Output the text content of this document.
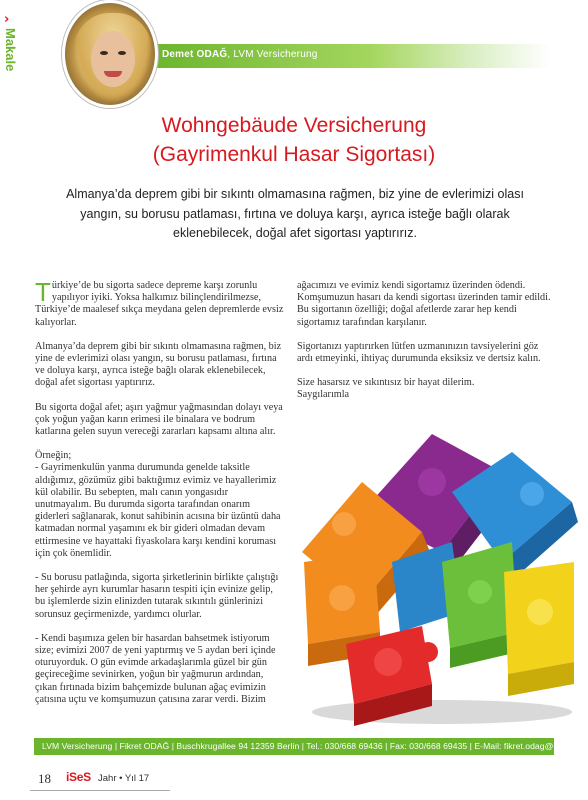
›
Makale	Demet ODAĞ, LVM Versicherung
Wohngebäude Versicherung
(Gayrimenkul Hasar Sigortası)
Almanya’da deprem gibi bir sıkıntı olmamasına rağmen, biz yine de evlerimizi olası yangın, su borusu patlaması, fırtına ve doluya karşı, ayrıca isteğe bağlı olarak eklenebilecek, doğal afet sigortası yaptırırız.

Türkiye’de bu sigorta sadece depreme karşı zorunlu yapılıyor iyiki. Yoksa halkımız bilinçlendirilmezse, Türkiye’de maalesef sıkça meydana gelen depremlerde evsiz kalıyorlar.

Almanya’da deprem gibi bir sıkıntı olmamasına rağmen, biz yine de evlerimizi olası yangın, su borusu patlaması, fırtına ve doluya karşı, ayrıca isteğe bağlı olarak eklenebilecek, doğal afet sigortası yaptırırız.

Bu sigorta doğal afet; aşırı yağmur yağmasından dolayı veya çok yoğun yağan karın erimesi ile binalara ve bodrum katlarına gelen suyun vereceği zararları kapsamı altına alır.

Örneğin;

- Gayrimenkulün yanma durumunda genelde taksitle aldığımız, gözümüz gibi baktığımız evimiz ve hayallerimiz kül olabilir. Bu sebepten, malı canın yongasıdır unutmayalım. Bu durumda sigorta tarafından onarım giderleri sağlanarak, konut sahibinin acısına bir üzüntü daha katmadan normal yaşamını ek bir gideri olmadan devam ettirmesine ve hayattaki fiyaskolara karşı kendini koruması için çok önemlidir.

- Su borusu patlağında, sigorta şirketlerinin birlikte çalıştığı her şehirde ayrı kurumlar hasarın tespiti için evinize gelip, bu işlemlerde sizin elinizden tutarak sıkıntılı günlerinizi sorunsuz geçirmenizde, yardımcı olurlar.

- Kendi başımıza gelen bir hasardan bahsetmek istiyorum size; evimizi 2007 de yeni yaptırmış ve 5 aydan beri içinde oturuyorduk. O gün evimde arkadaşlarımla güzel bir gün geçireceğime sevinirken, yoğun bir yağmurun ardından, çıkan fırtınada bizim bahçemizde bulunan ağaç evimizin çatısına uçtu ve komşumuzun çatısına zarar verdi. Bizim

ağacımızı ve evimiz kendi sigortamız üzerinden ödendi. Komşumuzun hasarı da kendi sigortası üzerinden tamir edildi. Bu sigortanın özelliği; doğal afetlerde zarar hep kendi sigortamız tarafından karşılanır.

Sigortanızı yaptırırken lütfen uzmanınızın tavsiyelerini göz ardı etmeyinki, ihtiyaç durumunda eksiksiz ve dertsiz kalın.

Size hasarsız ve sıkıntısız bir hayat dilerim.
Saygılarımla
LVM Versicherung | Fikret ODAĞ | Buschkrugallee 94 12359 Berlin | Tel.: 030/668 69436 | Fax: 030/668 69435 | E-Mail: fikret.odag@me.com
18 iSeS Jahr • Yıl 17
